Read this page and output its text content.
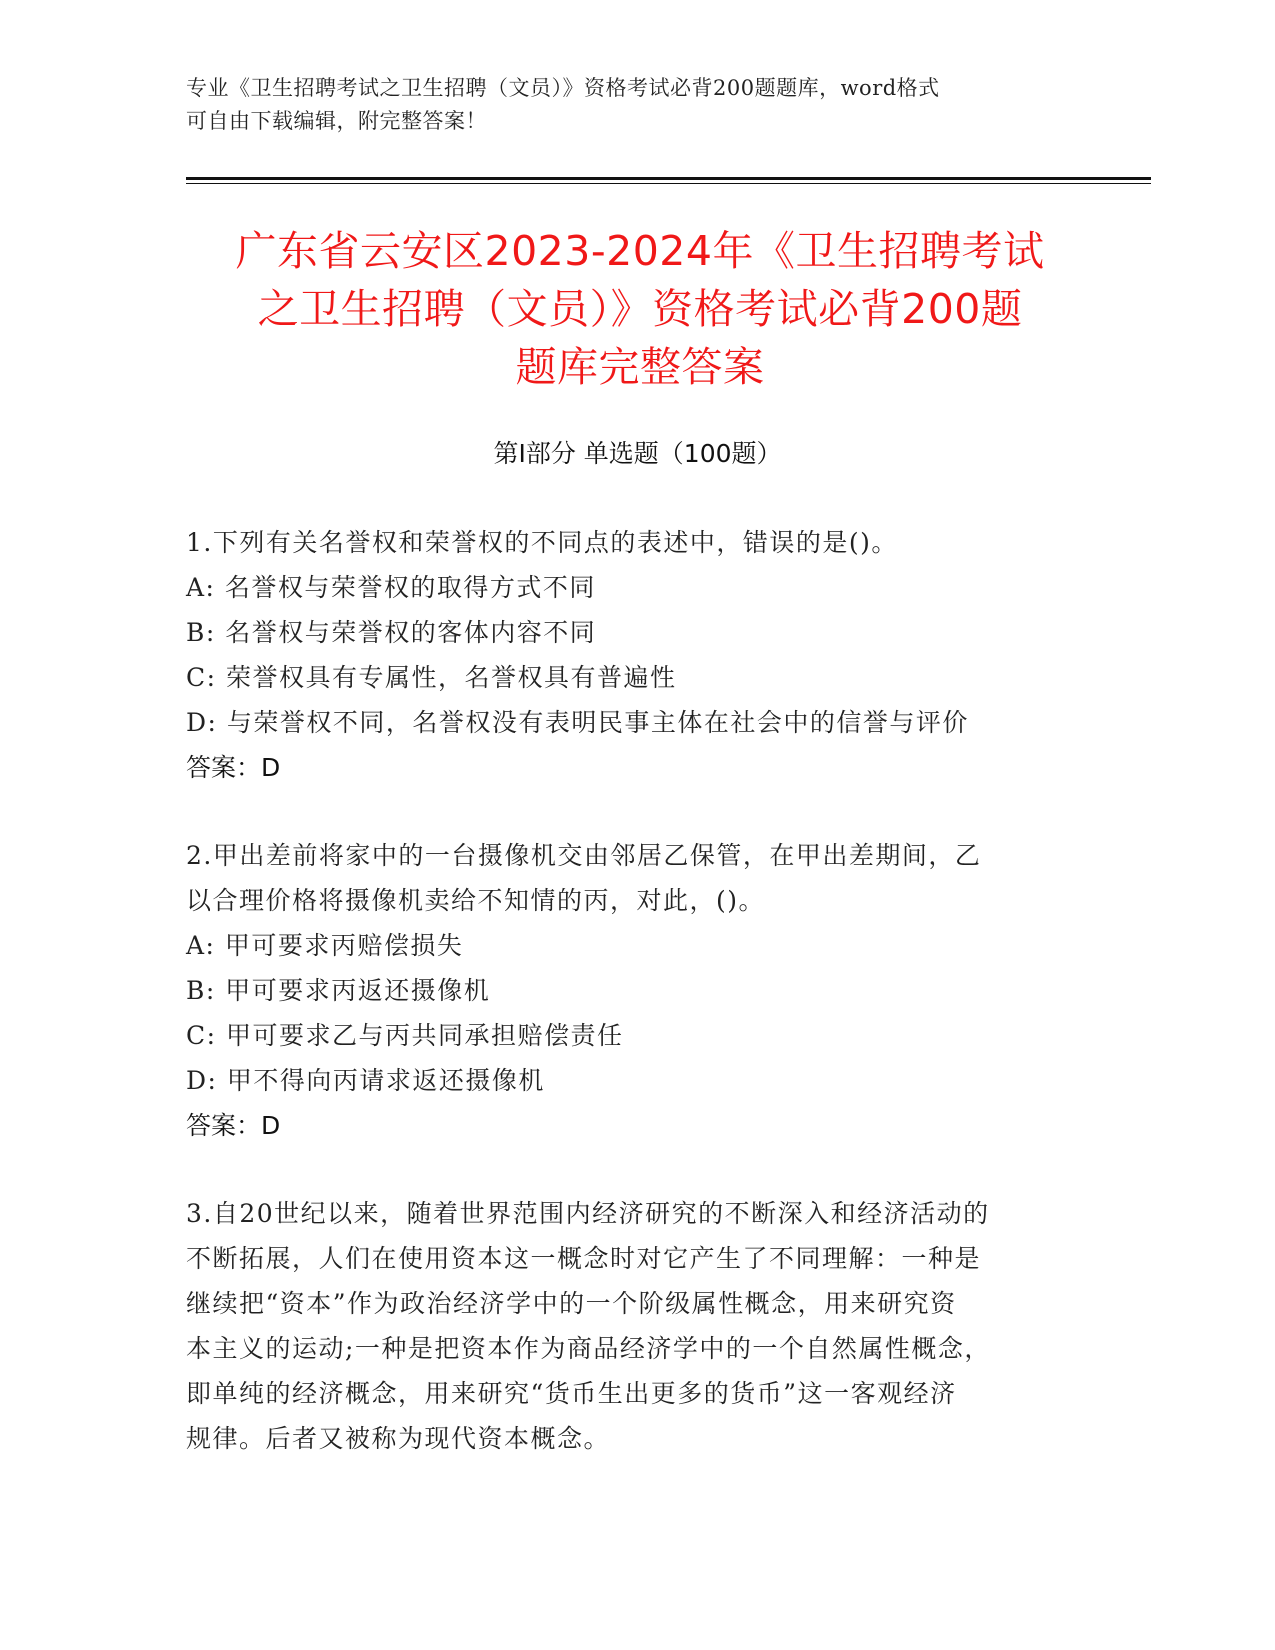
专业《卫生招聘考试之卫生招聘（文员）》资格考试必背200题题库，word格式
可自由下载编辑，附完整答案！
广东省云安区2023-2024年《卫生招聘考试
之卫生招聘（文员）》资格考试必背200题
题库完整答案
第Ⅰ部分 单选题（100题）
1.下列有关名誉权和荣誉权的不同点的表述中，错误的是()。
A: 名誉权与荣誉权的取得方式不同
B: 名誉权与荣誉权的客体内容不同
C: 荣誉权具有专属性，名誉权具有普遍性
D: 与荣誉权不同，名誉权没有表明民事主体在社会中的信誉与评价
答案：D
2.甲出差前将家中的一台摄像机交由邻居乙保管，在甲出差期间，乙
以合理价格将摄像机卖给不知情的丙，对此，()。
A: 甲可要求丙赔偿损失
B: 甲可要求丙返还摄像机
C: 甲可要求乙与丙共同承担赔偿责任
D: 甲不得向丙请求返还摄像机
答案：D
3.自20世纪以来，随着世界范围内经济研究的不断深入和经济活动的
不断拓展，人们在使用资本这一概念时对它产生了不同理解：一种是
继续把“资本”作为政治经济学中的一个阶级属性概念，用来研究资
本主义的运动;一种是把资本作为商品经济学中的一个自然属性概念，
即单纯的经济概念，用来研究“货币生出更多的货币”这一客观经济
规律。后者又被称为现代资本概念。
